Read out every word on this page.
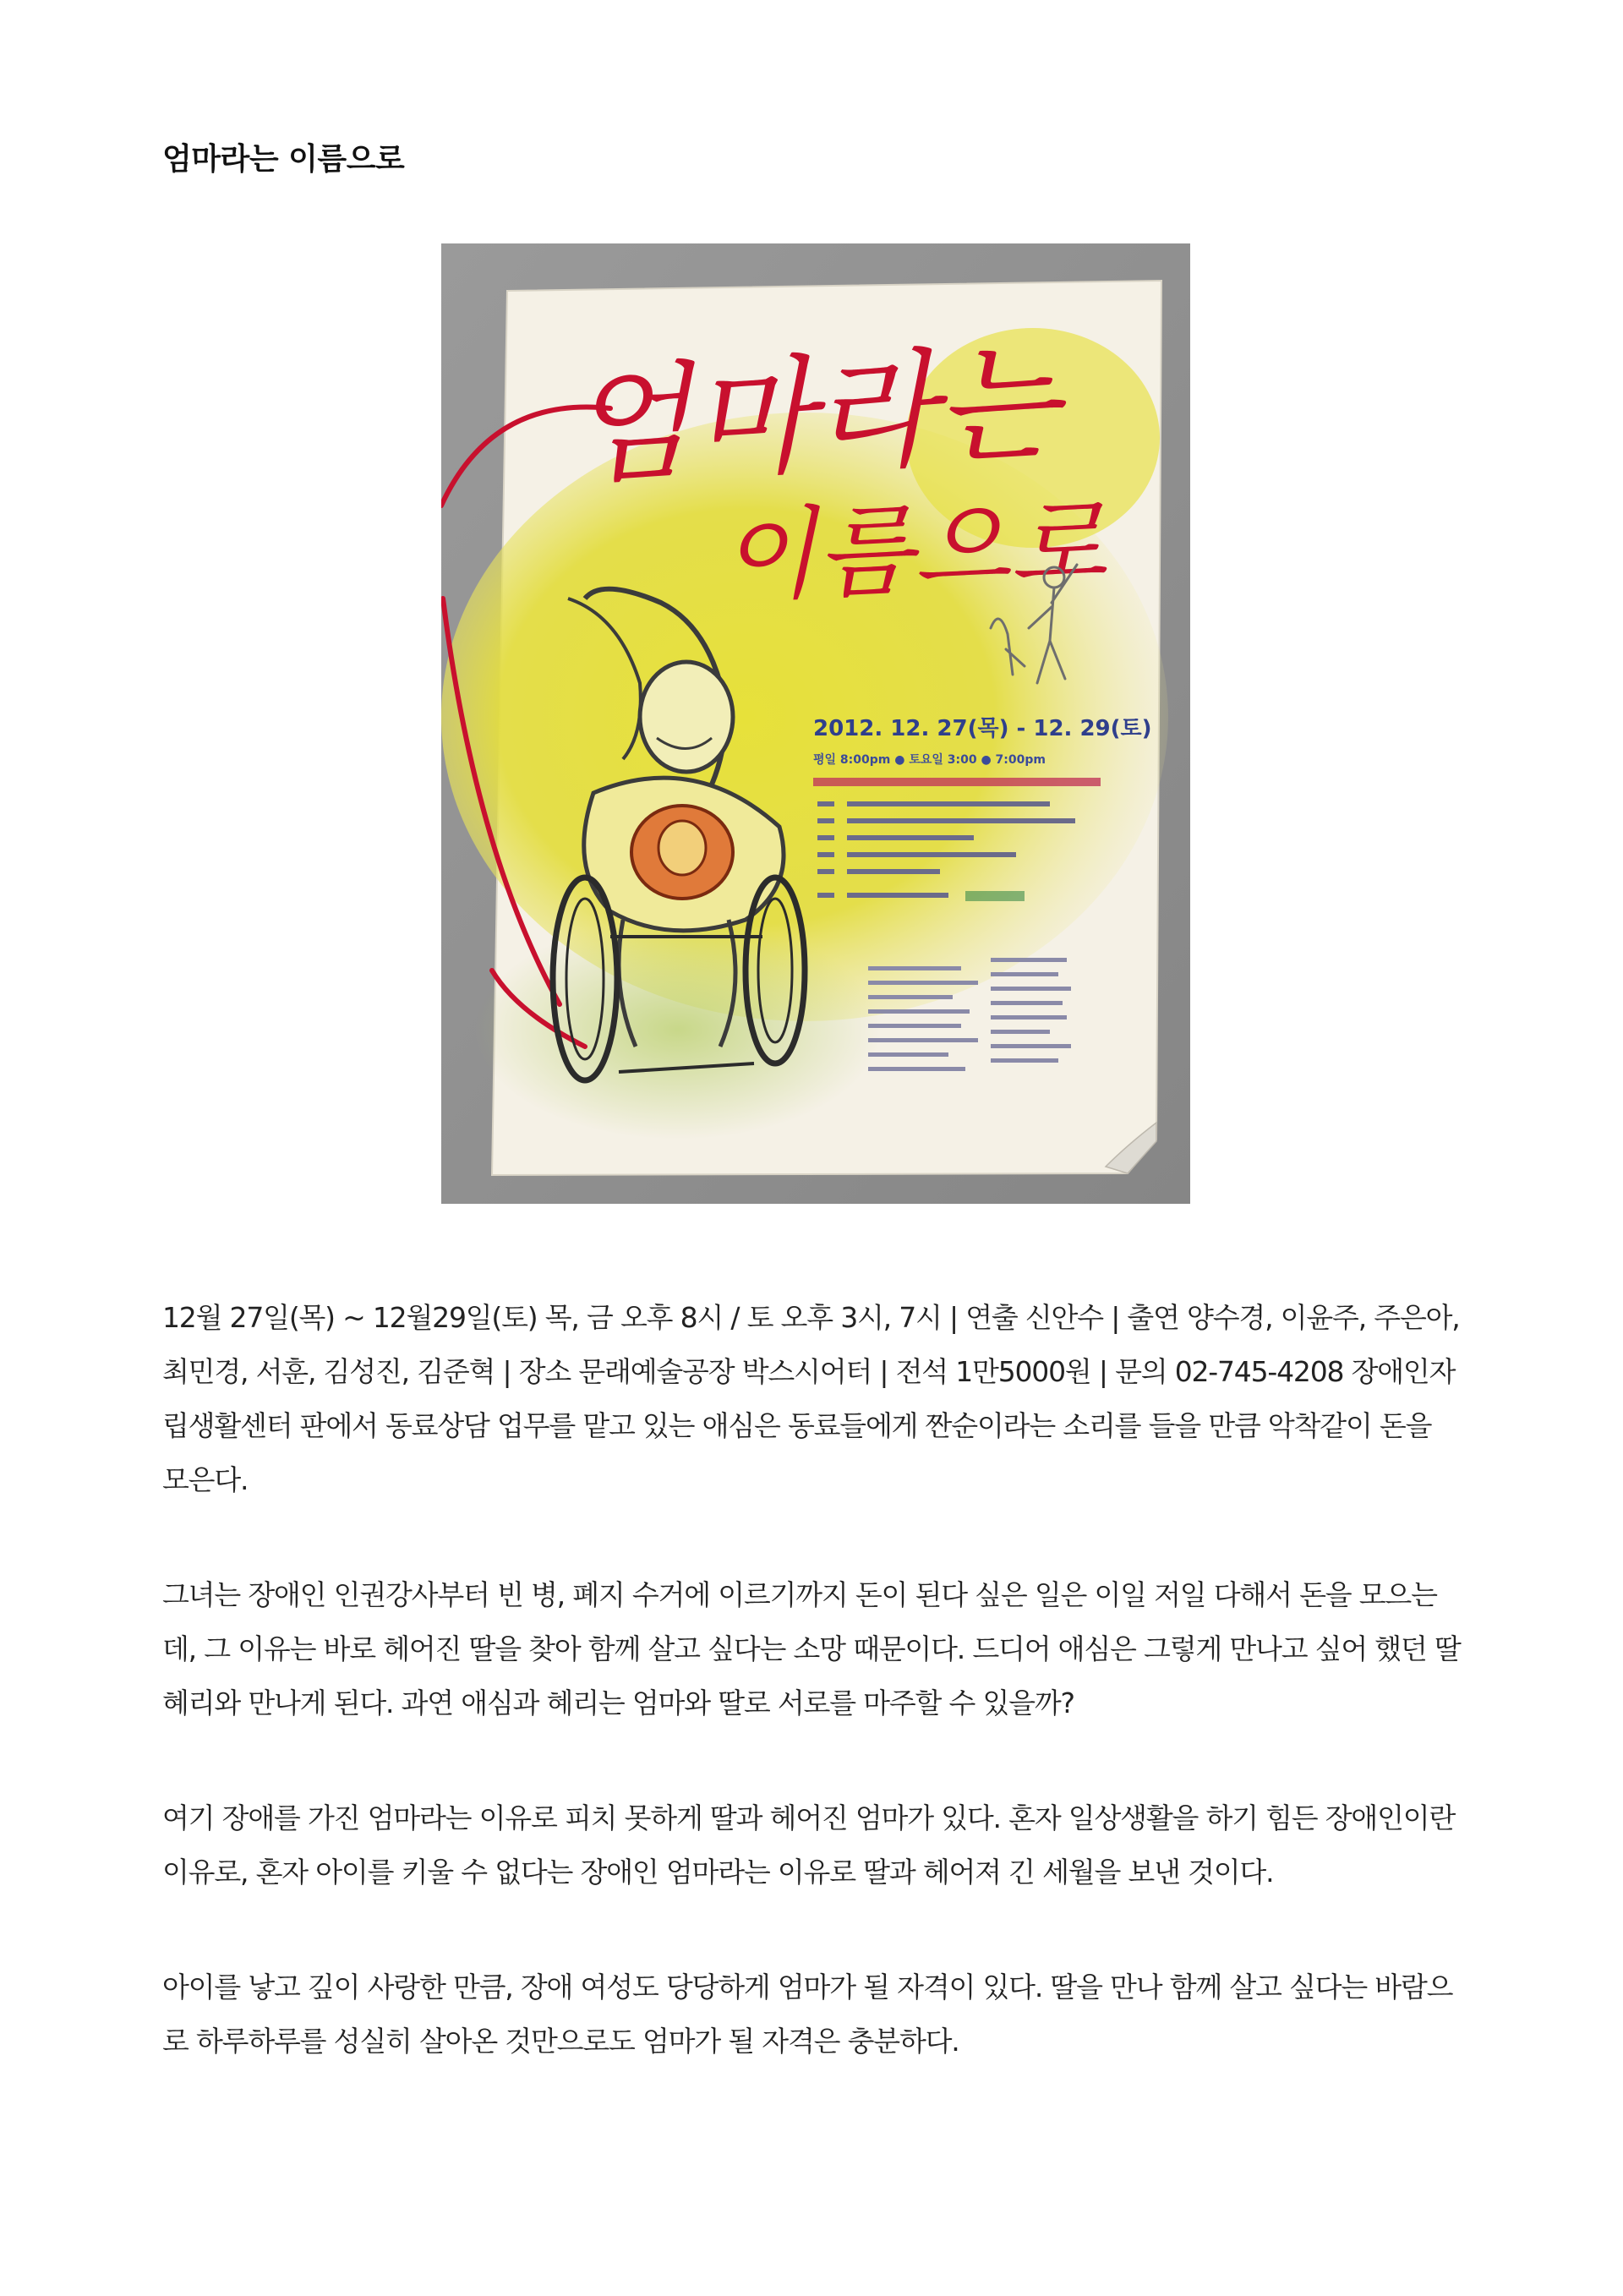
엄마라는 이름으로
엄마라는
이름으로
2012. 12. 27(목) - 12. 29(토)
평일 8:00pm ● 토요일 3:00 ● 7:00pm

12월 27일(목) ~ 12월29일(토) 목, 금 오후 8시 / 토 오후 3시, 7시 | 연출 신안수 | 출연 양수경, 이윤주, 주은아, 최민경, 서훈, 김성진, 김준혁 | 장소 문래예술공장 박스시어터 | 전석 1만5000원 | 문의 02-745-4208 장애인자립생활센터 판에서 동료상담 업무를 맡고 있는 애심은 동료들에게 짠순이라는 소리를 들을 만큼 악착같이 돈을 모은다.

그녀는 장애인 인권강사부터 빈 병, 폐지 수거에 이르기까지 돈이 된다 싶은 일은 이일 저일 다해서 돈을 모으는데, 그 이유는 바로 헤어진 딸을 찾아 함께 살고 싶다는 소망 때문이다. 드디어 애심은 그렇게 만나고 싶어 했던 딸 혜리와 만나게 된다. 과연 애심과 혜리는 엄마와 딸로 서로를 마주할 수 있을까?

여기 장애를 가진 엄마라는 이유로 피치 못하게 딸과 헤어진 엄마가 있다. 혼자 일상생활을 하기 힘든 장애인이란 이유로, 혼자 아이를 키울 수 없다는 장애인 엄마라는 이유로 딸과 헤어져 긴 세월을 보낸 것이다.

아이를 낳고 깊이 사랑한 만큼, 장애 여성도 당당하게 엄마가 될 자격이 있다. 딸을 만나 함께 살고 싶다는 바람으로 하루하루를 성실히 살아온 것만으로도 엄마가 될 자격은 충분하다.
